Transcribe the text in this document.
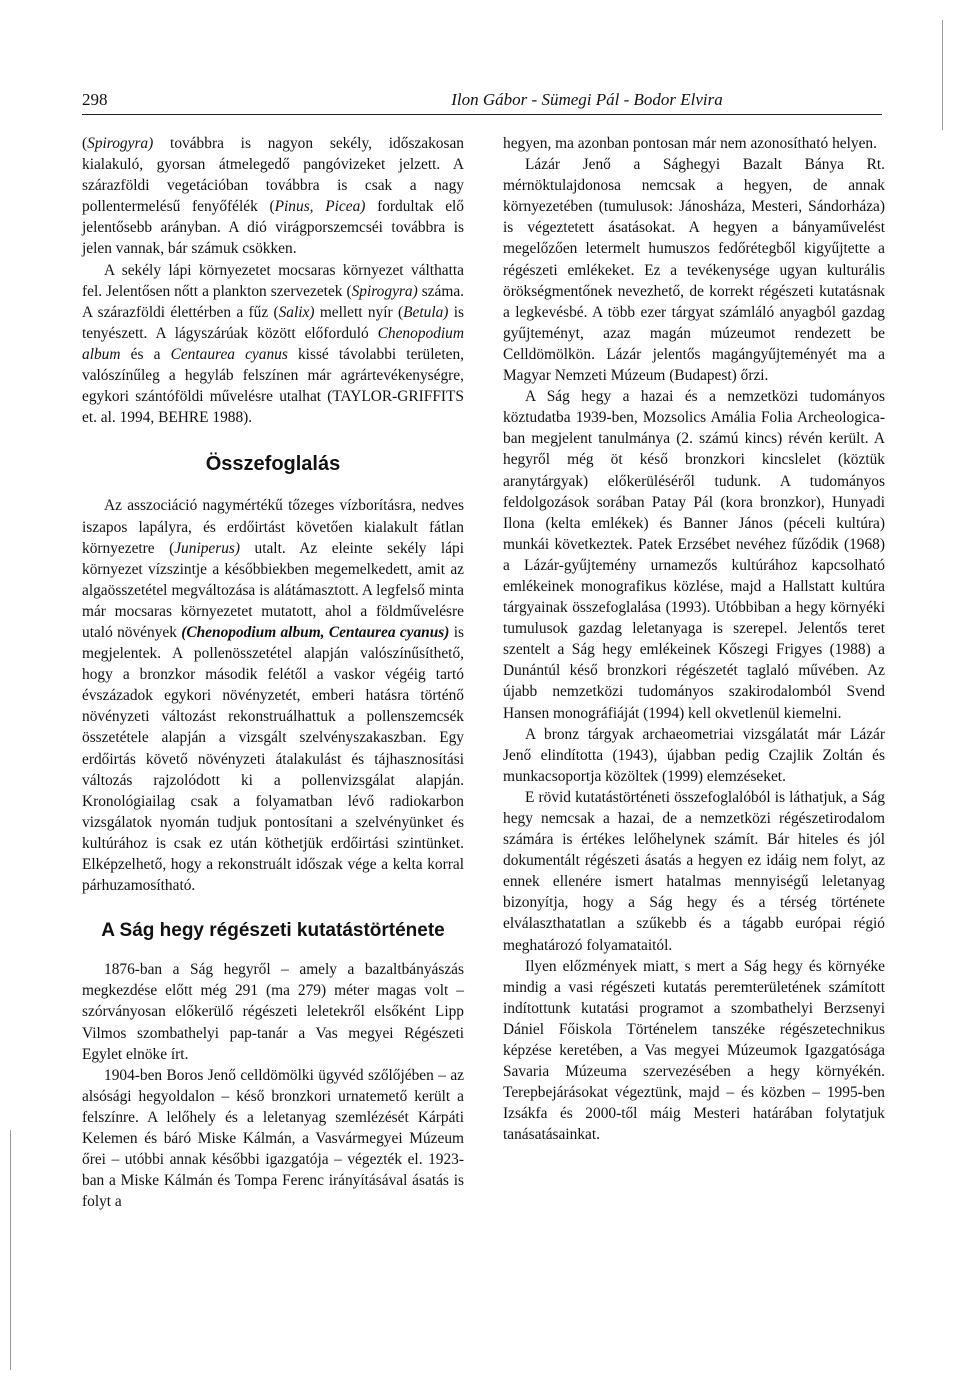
298	Ilon Gábor - Sümegi Pál - Bodor Elvira

(Spirogyra) továbbra is nagyon sekély, időszakosan kialakuló, gyorsan átmelegedő pangóvizeket jelzett. A szárazföldi vegetációban továbbra is csak a nagy pollentermelésű fenyőfélék (Pinus, Picea) fordultak elő jelentősebb arányban. A dió virágporszemcséi továbbra is jelen vannak, bár számuk csökken.

A sekély lápi környezetet mocsaras környezet válthatta fel. Jelentősen nőtt a plankton szervezetek (Spirogyra) száma. A szárazföldi élettérben a fűz (Salix) mellett nyír (Betula) is tenyészett. A lágyszárúak között előforduló Chenopodium album és a Centaurea cyanus kissé távolabbi területen, valószínűleg a hegyláb felszínen már agrártevékenységre, egykori szántóföldi művelésre utalhat (TAYLOR-GRIFFITS et. al. 1994, BEHRE 1988).

Összefoglalás

Az asszociáció nagymértékű tőzeges vízborításra, nedves iszapos lapályra, és erdőirtást követően kialakult fátlan környezetre (Juniperus) utalt. Az eleinte sekély lápi környezet vízszintje a későbbiekben megemelkedett, amit az algaösszetétel megváltozása is alátámasztott. A legfelső minta már mocsaras környezetet mutatott, ahol a földművelésre utaló növények (Chenopodium album, Centaurea cyanus) is megjelentek. A pollenösszetétel alapján valószínűsíthető, hogy a bronzkor második felétől a vaskor végéig tartó évszázadok egykori növényzetét, emberi hatásra történő növényzeti változást rekonstruálhattuk a pollenszemcsék összetétele alapján a vizsgált szelvényszakaszban. Egy erdőirtás követő növényzeti átalakulást és tájhasznosítási változás rajzolódott ki a pollenvizsgálat alapján. Kronológiailag csak a folyamatban lévő radiokarbon vizsgálatok nyomán tudjuk pontosítani a szelvényünket és kultúrához is csak ez után köthetjük erdőirtási szintünket. Elképzelhető, hogy a rekonstruált időszak vége a kelta korral párhuzamosítható.

A Ság hegy régészeti kutatástörténete

1876-ban a Ság hegyről – amely a bazaltbányászás megkezdése előtt még 291 (ma 279) méter magas volt – szórványosan előkerülő régészeti leletekről elsőként Lipp Vilmos szombathelyi pap-tanár a Vas megyei Régészeti Egylet elnöke írt.

1904-ben Boros Jenő celldömölki ügyvéd szőlőjében – az alsósági hegyoldalon – késő bronzkori urnatemető került a felszínre. A lelőhely és a leletanyag szemlézését Kárpáti Kelemen és báró Miske Kálmán, a Vasvármegyei Múzeum őrei – utóbbi annak későbbi igazgatója – végezték el. 1923-ban a Miske Kálmán és Tompa Ferenc irányításával ásatás is folyt a

hegyen, ma azonban pontosan már nem azonosítható helyen.

Lázár Jenő a Sághegyi Bazalt Bánya Rt. mérnöktulajdonosa nemcsak a hegyen, de annak környezetében (tumulusok: Jánosháza, Mesteri, Sándorháza) is végeztetett ásatásokat. A hegyen a bányaművelést megelőzően letermelt humuszos fedőrétegből kigyűjtette a régészeti emlékeket. Ez a tevékenysége ugyan kulturális örökségmentőnek nevezhető, de korrekt régészeti kutatásnak a legkevésbé. A több ezer tárgyat számláló anyagból gazdag gyűjteményt, azaz magán múzeumot rendezett be Celldömölkön. Lázár jelentős magángyűjteményét ma a Magyar Nemzeti Múzeum (Budapest) őrzi.

A Ság hegy a hazai és a nemzetközi tudományos köztudatba 1939-ben, Mozsolics Amália Folia Archeologica-ban megjelent tanulmánya (2. számú kincs) révén került. A hegyről még öt késő bronzkori kincslelet (köztük aranytárgyak) előkerüléséről tudunk. A tudományos feldolgozások sorában Patay Pál (kora bronzkor), Hunyadi Ilona (kelta emlékek) és Banner János (péceli kultúra) munkái következtek. Patek Erzsébet nevéhez fűződik (1968) a Lázár-gyűjtemény urnamezős kultúrához kapcsolható emlékeinek monografikus közlése, majd a Hallstatt kultúra tárgyainak összefoglalása (1993). Utóbbiban a hegy környéki tumulusok gazdag leletanyaga is szerepel. Jelentős teret szentelt a Ság hegy emlékeinek Kőszegi Frigyes (1988) a Dunántúl késő bronzkori régészetét taglaló művében. Az újabb nemzetközi tudományos szakirodalomból Svend Hansen monográfiáját (1994) kell okvetlenül kiemelni.

A bronz tárgyak archaeometriai vizsgálatát már Lázár Jenő elindította (1943), újabban pedig Czajlik Zoltán és munkacsoportja közöltek (1999) elemzéseket.

E rövid kutatástörténeti összefoglalóból is láthatjuk, a Ság hegy nemcsak a hazai, de a nemzetközi régészetirodalom számára is értékes lelőhelynek számít. Bár hiteles és jól dokumentált régészeti ásatás a hegyen ez idáig nem folyt, az ennek ellenére ismert hatalmas mennyiségű leletanyag bizonyítja, hogy a Ság hegy és a térség története elválaszthatatlan a szűkebb és a tágabb európai régió meghatározó folyamataitól.

Ilyen előzmények miatt, s mert a Ság hegy és környéke mindig a vasi régészeti kutatás peremterületének számított indítottunk kutatási programot a szombathelyi Berzsenyi Dániel Főiskola Történelem tanszéke régészetechnikus képzése keretében, a Vas megyei Múzeumok Igazgatósága Savaria Múzeuma szervezésében a hegy környékén. Terepbejárásokat végeztünk, majd – és közben – 1995-ben Izsákfa és 2000-től máig Mesteri határában folytatjuk tanásatásainkat.
